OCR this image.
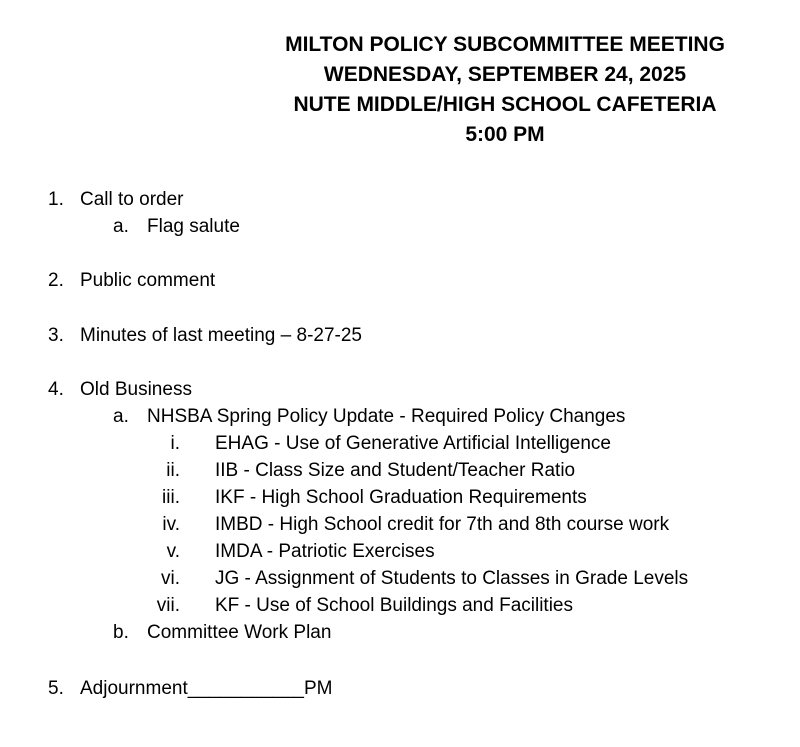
MILTON POLICY SUBCOMMITTEE MEETING
WEDNESDAY, SEPTEMBER 24, 2025
NUTE MIDDLE/HIGH SCHOOL CAFETERIA
5:00 PM
1. Call to order
a. Flag salute
2. Public comment
3. Minutes of last meeting – 8-27-25
4. Old Business
a. NHSBA Spring Policy Update - Required Policy Changes
i. EHAG - Use of Generative Artificial Intelligence
ii. IIB - Class Size and Student/Teacher Ratio
iii. IKF - High School Graduation Requirements
iv. IMBD - High School credit for 7th and 8th course work
v. IMDA - Patriotic Exercises
vi. JG - Assignment of Students to Classes in Grade Levels
vii. KF - Use of School Buildings and Facilities
b. Committee Work Plan
5. Adjournment___________PM
